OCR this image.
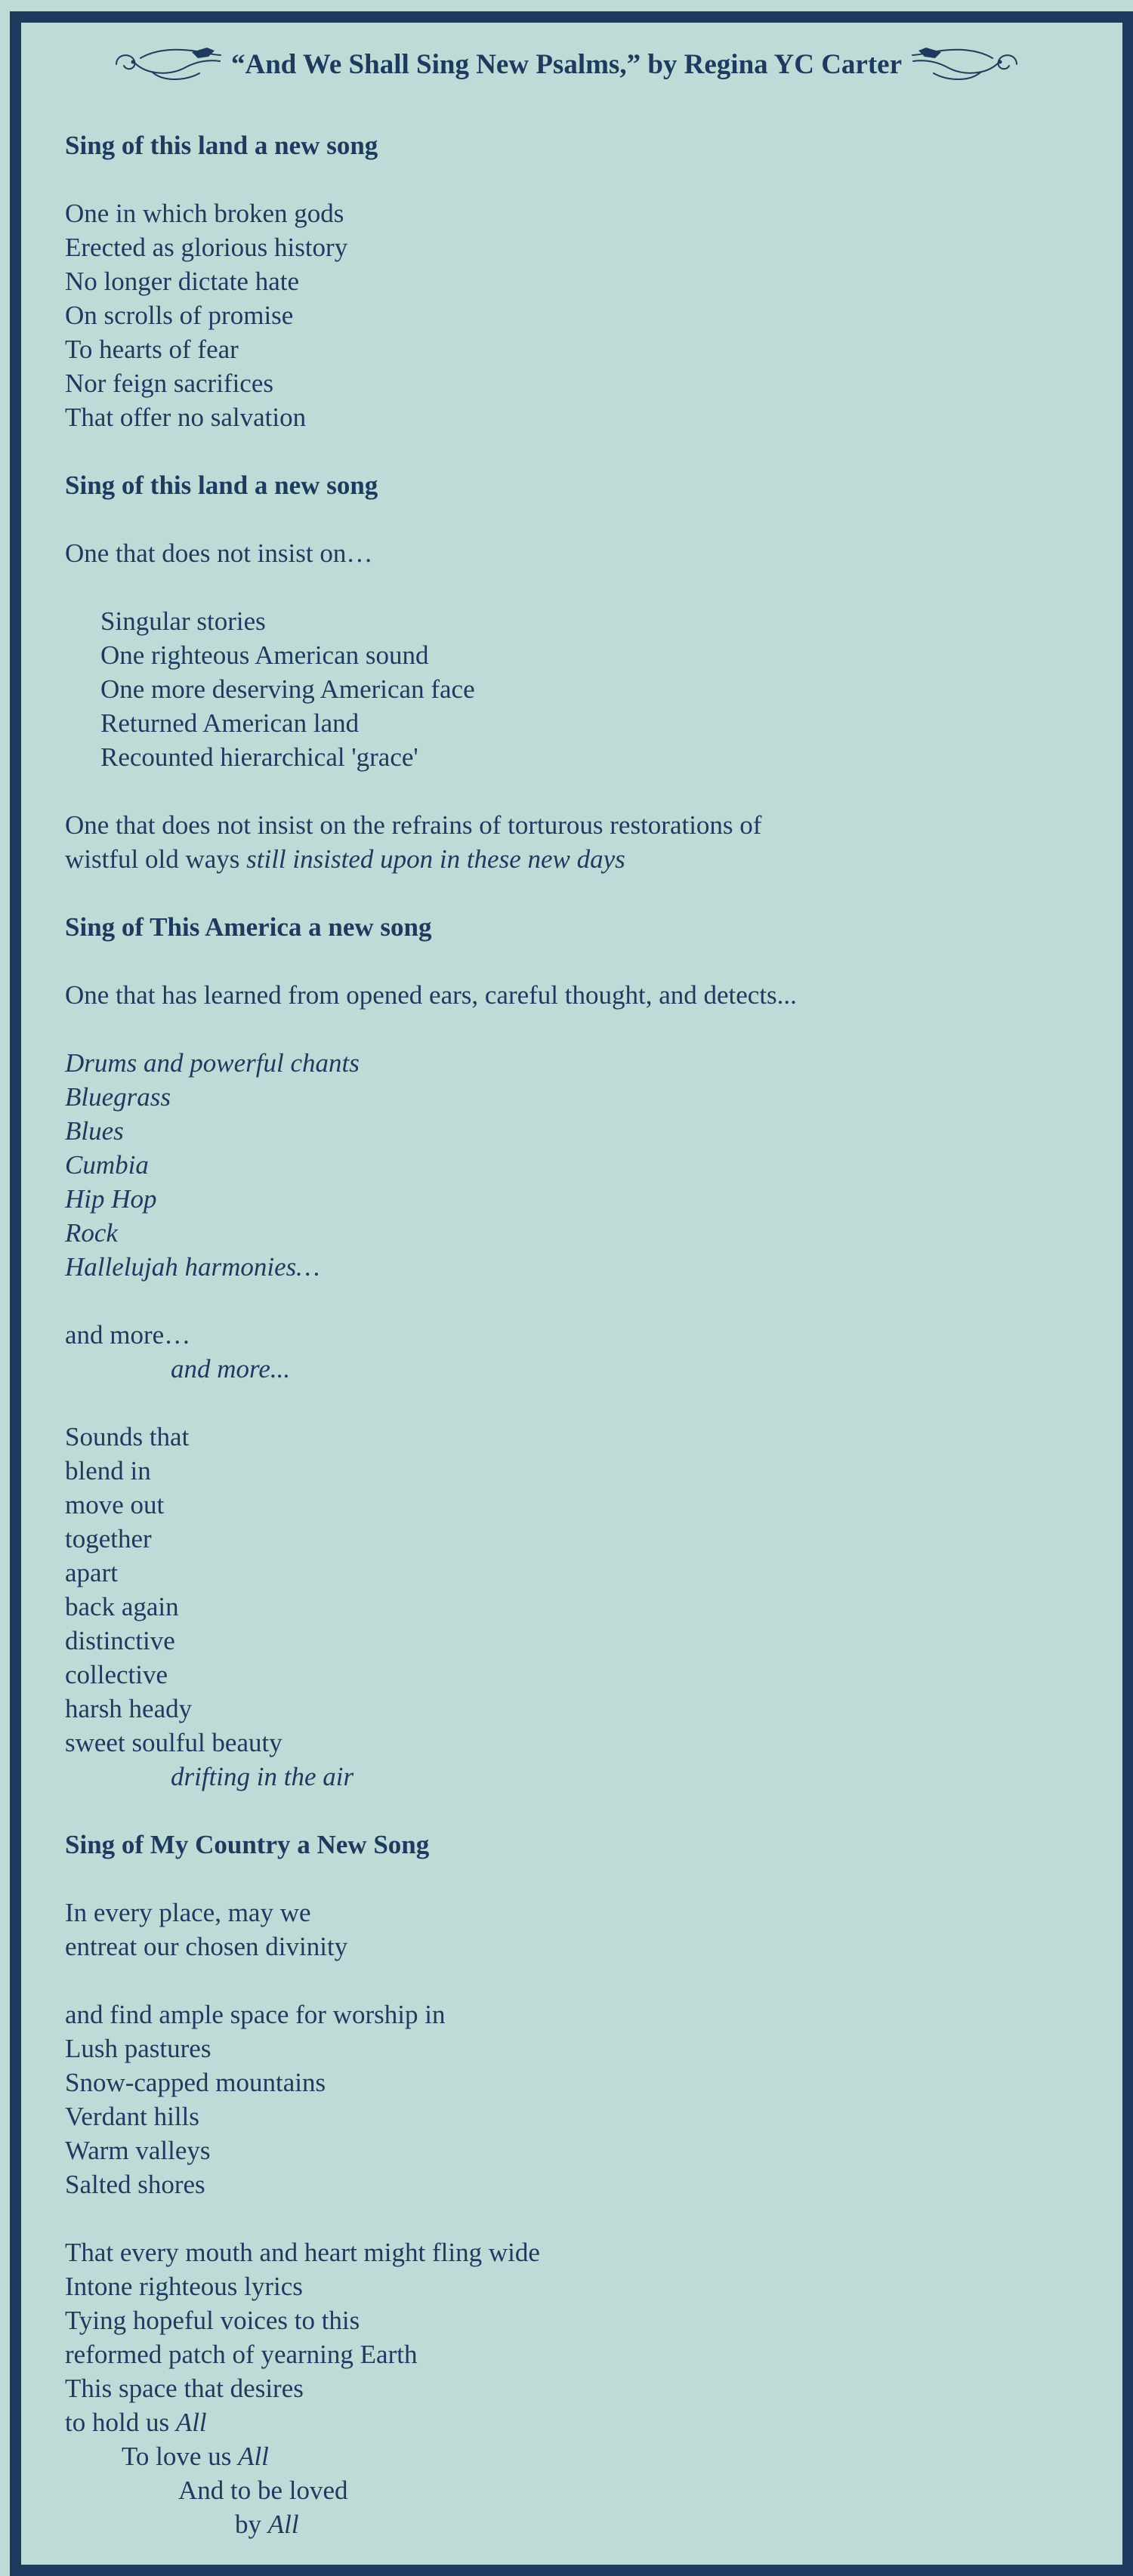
“And We Shall Sing New Psalms,” by Regina YC Carter
Sing of this land a new song
One in which broken gods
Erected as glorious history
No longer dictate hate
On scrolls of promise
To hearts of fear
Nor feign sacrifices
That offer no salvation
Sing of this land a new song
One that does not insist on…
Singular stories
One righteous American sound
One more deserving American face
Returned American land
Recounted hierarchical 'grace'
One that does not insist on the refrains of torturous restorations of
wistful old ways still insisted upon in these new days
Sing of This America a new song
One that has learned from opened ears, careful thought, and detects...
Drums and powerful chants
Bluegrass
Blues
Cumbia
Hip Hop
Rock
Hallelujah harmonies…
and more…
and more...
Sounds that
blend in
move out
together
apart
back again
distinctive
collective
harsh heady
sweet soulful beauty
drifting in the air
Sing of My Country a New Song
In every place, may we
entreat our chosen divinity
and find ample space for worship in
Lush pastures
Snow-capped mountains
Verdant hills
Warm valleys
Salted shores
That every mouth and heart might fling wide
Intone righteous lyrics
Tying hopeful voices to this
reformed patch of yearning Earth
This space that desires
to hold us All
To love us All
And to be loved
by All
